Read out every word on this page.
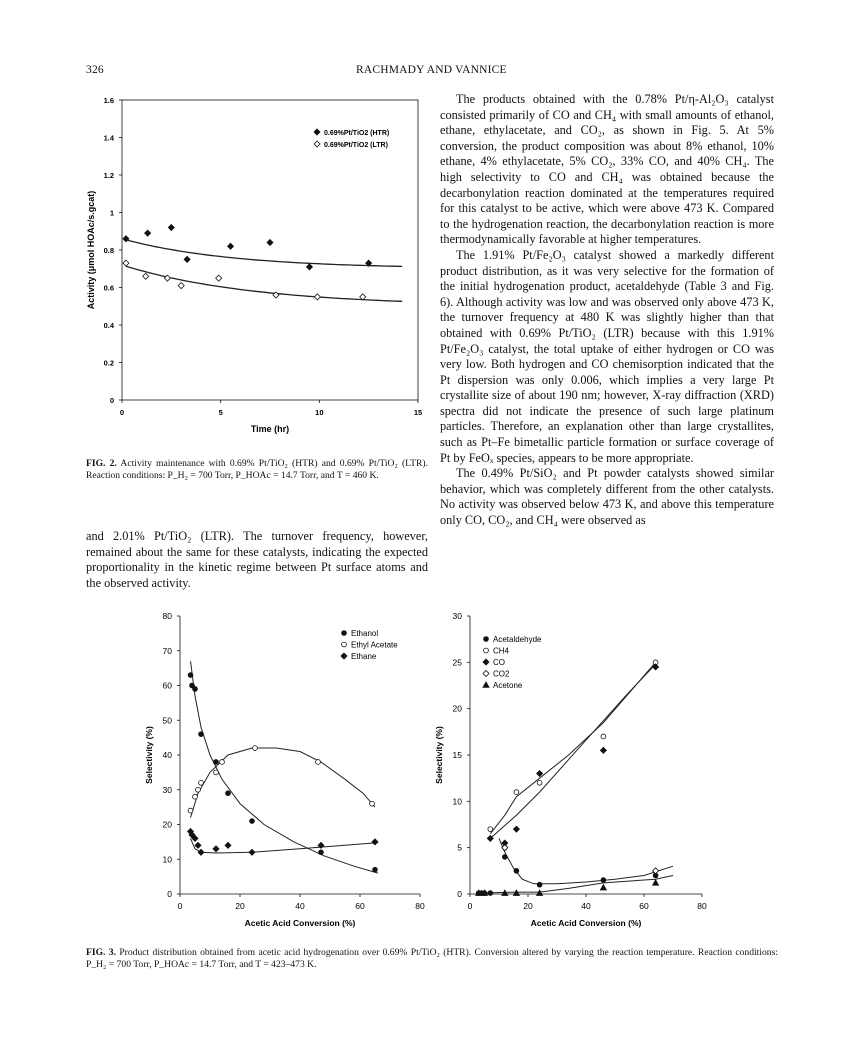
326	RACHMADY AND VANNICE
0
0.2
0.4
0.6
0.8
1
1.2
1.4
1.6
0	5	10	15
Time (hr)
Activity (μmol HOAc/s.gcat)
0.69%Pt/TiO2 (HTR)
0.69%Pt/TiO2 (LTR)
FIG. 2. Activity maintenance with 0.69% Pt/TiO₂ (HTR) and 0.69% Pt/TiO₂ (LTR). Reaction conditions: P_H₂ = 700 Torr, P_HOAc = 14.7 Torr, and T = 460 K.

The products obtained with the 0.78% Pt/η-Al₂O₃ catalyst consisted primarily of CO and CH₄ with small amounts of ethanol, ethane, ethylacetate, and CO₂, as shown in Fig. 5. At 5% conversion, the product composition was about 8% ethanol, 10% ethane, 4% ethylacetate, 5% CO₂, 33% CO, and 40% CH₄. The high selectivity to CO and CH₄ was obtained because the decarbonylation reaction dominated at the temperatures required for this catalyst to be active, which were above 473 K. Compared to the hydrogenation reaction, the decarbonylation reaction is more thermodynamically favorable at higher temperatures.

The 1.91% Pt/Fe₂O₃ catalyst showed a markedly different product distribution, as it was very selective for the formation of the initial hydrogenation product, acetaldehyde (Table 3 and Fig. 6). Although activity was low and was observed only above 473 K, the turnover frequency at 480 K was slightly higher than that obtained with 0.69% Pt/TiO₂ (LTR) because with this 1.91% Pt/Fe₂O₃ catalyst, the total uptake of either hydrogen or CO was very low. Both hydrogen and CO chemisorption indicated that the Pt dispersion was only 0.006, which implies a very large Pt crystallite size of about 190 nm; however, X-ray diffraction (XRD) spectra did not indicate the presence of such large platinum particles. Therefore, an explanation other than large crystallites, such as Pt–Fe bimetallic particle formation or surface coverage of Pt by FeOₓ species, appears to be more appropriate.

The 0.49% Pt/SiO₂ and Pt powder catalysts showed similar behavior, which was completely different from the other catalysts. No activity was observed below 473 K, and above this temperature only CO, CO₂, and CH₄ were observed as

and 2.01% Pt/TiO₂ (LTR). The turnover frequency, however, remained about the same for these catalysts, indicating the expected proportionality in the kinetic regime between Pt surface atoms and the observed activity.

0
10
20
30
40
50
60
70
80
0	20	40	60	80
Acetic Acid Conversion (%)
Selectivity (%)
Ethanol
Ethyl Acetate
Ethane
0
5
10
15
20
25
30
0	20	40	60	80
Acetic Acid Conversion (%)
Selectivity (%)
Acetaldehyde
CH4
CO
CO2
Acetone
FIG. 3. Product distribution obtained from acetic acid hydrogenation over 0.69% Pt/TiO₂ (HTR). Conversion altered by varying the reaction temperature. Reaction conditions: P_H₂ = 700 Torr, P_HOAc = 14.7 Torr, and T = 423–473 K.
